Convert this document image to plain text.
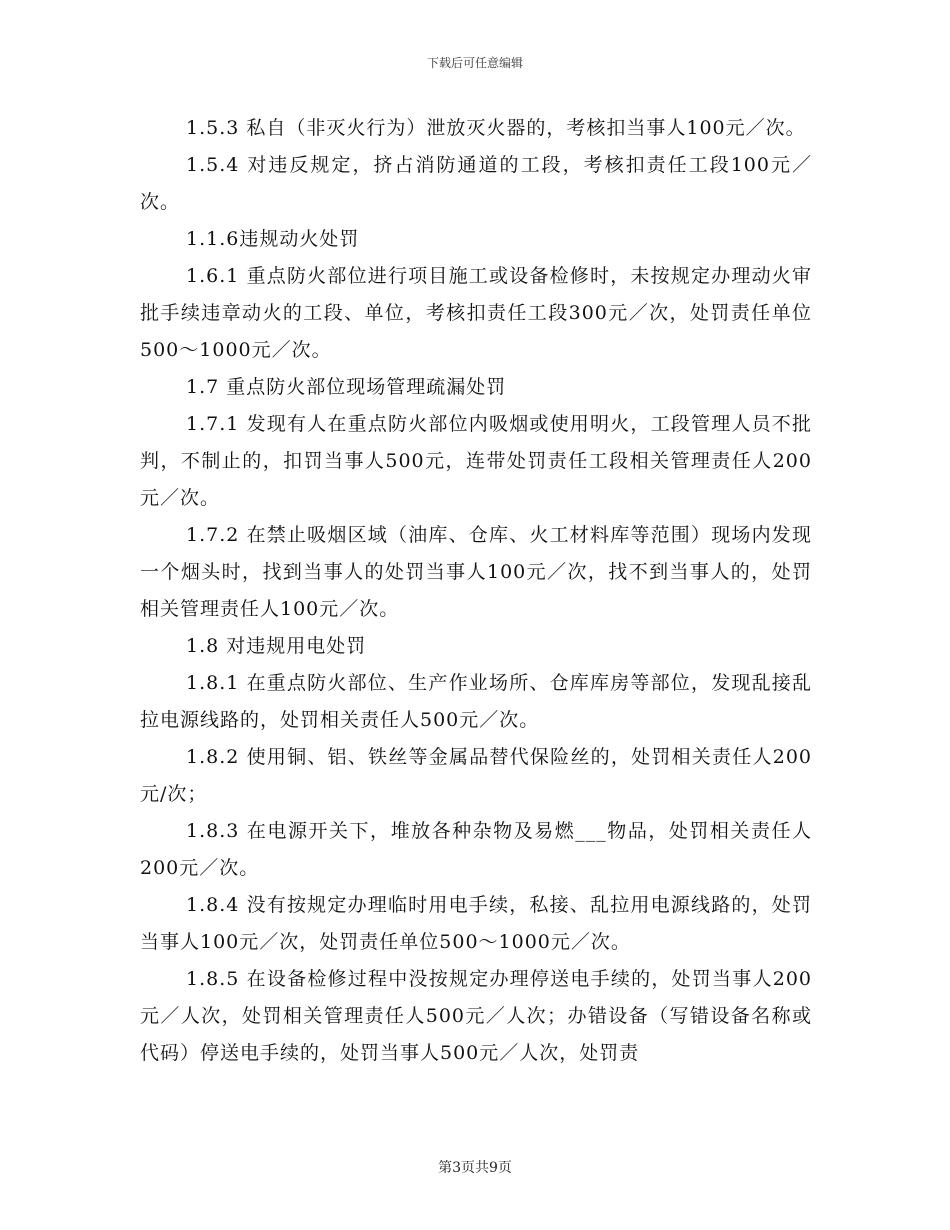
下载后可任意编辑

1.5.3 私自（非灭火行为）泄放灭火器的，考核扣当事人100元／次。

1.5.4 对违反规定，挤占消防通道的工段，考核扣责任工段100元／次。

1.1.6违规动火处罚

1.6.1 重点防火部位进行项目施工或设备检修时，未按规定办理动火审批手续违章动火的工段、单位，考核扣责任工段300元／次，处罚责任单位500～1000元／次。

1.7 重点防火部位现场管理疏漏处罚

1.7.1 发现有人在重点防火部位内吸烟或使用明火，工段管理人员不批判，不制止的，扣罚当事人500元，连带处罚责任工段相关管理责任人200元／次。

1.7.2 在禁止吸烟区域（油库、仓库、火工材料库等范围）现场内发现一个烟头时，找到当事人的处罚当事人100元／次，找不到当事人的，处罚相关管理责任人100元／次。

1.8 对违规用电处罚

1.8.1 在重点防火部位、生产作业场所、仓库库房等部位，发现乱接乱拉电源线路的，处罚相关责任人500元／次。

1.8.2 使用铜、铝、铁丝等金属品替代保险丝的，处罚相关责任人200元/次；

1.8.3 在电源开关下，堆放各种杂物及易燃___物品，处罚相关责任人200元／次。

1.8.4 没有按规定办理临时用电手续，私接、乱拉用电源线路的，处罚当事人100元／次，处罚责任单位500～1000元／次。

1.8.5 在设备检修过程中没按规定办理停送电手续的，处罚当事人200元／人次，处罚相关管理责任人500元／人次；办错设备（写错设备名称或代码）停送电手续的，处罚当事人500元／人次，处罚责

第3页共9页
